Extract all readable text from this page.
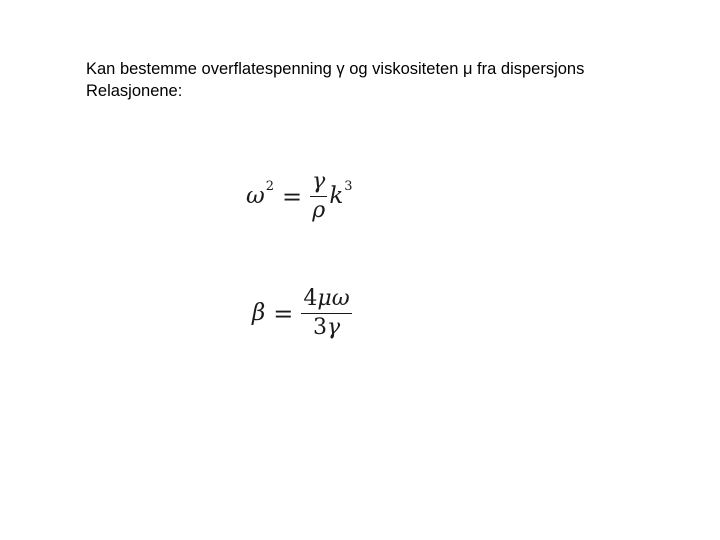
Kan bestemme overflatespenning γ og viskositeten μ fra dispersjons
Relasjonene:
ω $2 = \frac{\gamma}{\rho}$ k 3
$\beta = \frac{4\mu\omega}{3\gamma}$
